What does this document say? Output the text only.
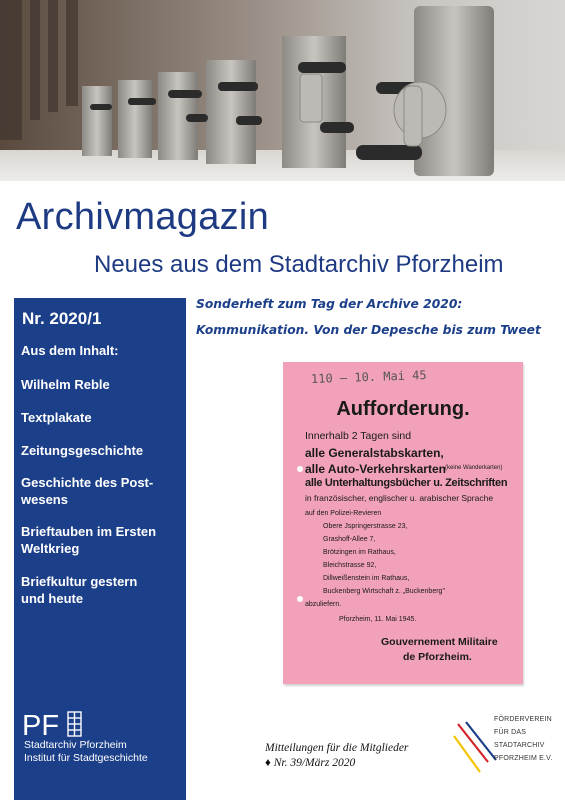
Archivmagazin
Neues aus dem Stadtarchiv Pforzheim
Nr. 2020/1
Aus dem Inhalt:
Wilhelm Reble
Textplakate
Zeitungsgeschichte
Geschichte des Post-
wesens
Brieftauben im Ersten
Weltkrieg
Briefkultur gestern
und heute
PF
Stadtarchiv Pforzheim
Institut für Stadtgeschichte
Sonderheft zum Tag der Archive 2020:
Kommunikation. Von der Depesche bis zum Tweet
110 — 10. Mai 45
Aufforderung.
Innerhalb 2 Tagen sind
alle Generalstabskarten,
alle Auto-Verkehrskarten (keine Wanderkarten)
alle Unterhaltungsbücher u. Zeitschriften
in französischer, englischer u. arabischer Sprache
auf den Polizei-Revieren
Obere Jspringerstrasse 23,
Grashoff-Allee 7,
Brötzingen im Rathaus,
Bleichstrasse 92,
Dillweißenstein im Rathaus,
Buckenberg Wirtschaft z. „Buckenberg"
abzuliefern.
Pforzheim, 11. Mai 1945.
Gouvernement Militaire
de Pforzheim.
Mitteilungen für die Mitglieder
♦ Nr. 39/März 2020
FÖRDERVEREIN
FÜR DAS
STADTARCHIV
PFORZHEIM E.V.
